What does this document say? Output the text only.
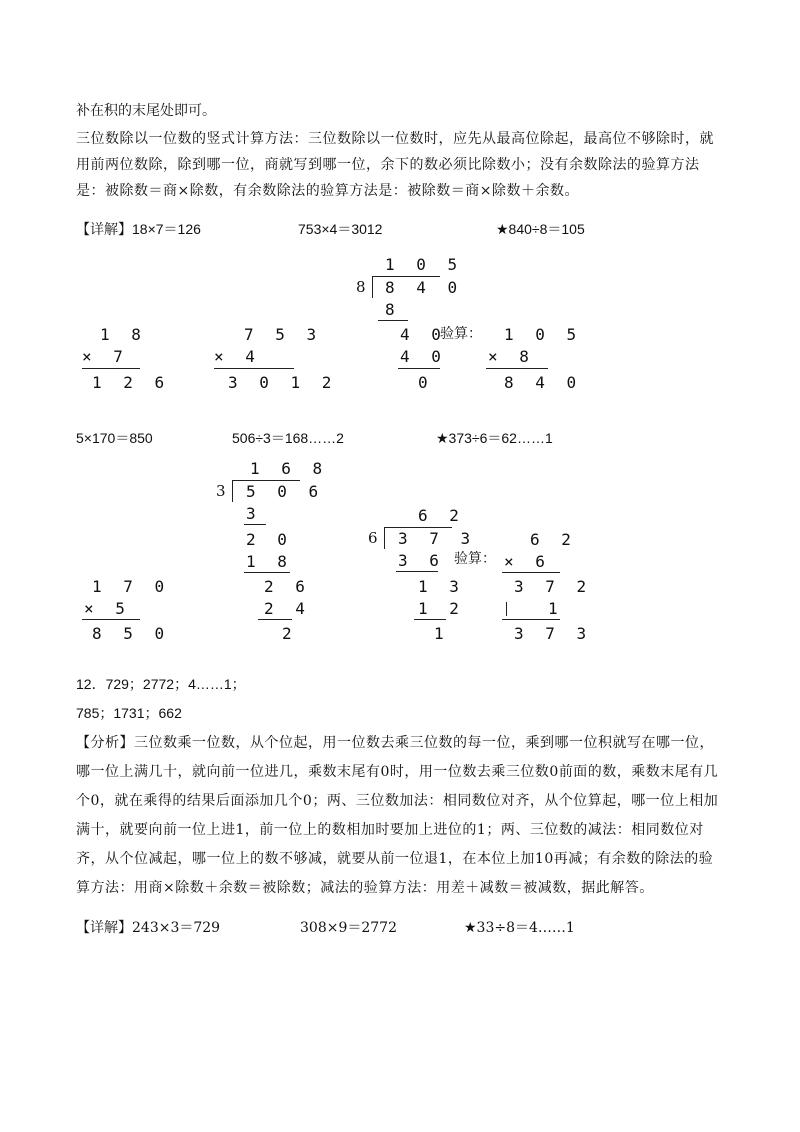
补在积的末尾处即可。
三位数除以一位数的竖式计算方法：三位数除以一位数时，应先从最高位除起，最高位不够除时，就用前两位数除，除到哪一位，商就写到哪一位，余下的数必须比除数小；没有余数除法的验算方法是：被除数＝商×除数，有余数除法的验算方法是：被除数＝商×除数＋余数。
【详解】18×7＝126	753×4＝3012	★840÷8＝105
1 0 5
8 8 4 0
8
4 0
4 0
0
1 8
× 7
1 2 6
7 5 3
× 4
3 0 1 2
验算： 1 0 5
× 8
8 4 0
5×170＝850	506÷3＝168……2	★373÷6＝62……1
1 6 8
3 5 0 6
3
2 0
1 8
2 6
2 4
2
6 2
6 3 7 3
3 6
1 3
1 2
1
验算：
6 2
× 6
3 7 2
1
3 7 3
1 7 0
× 5
8 5 0
12．729；2772；4……1；
785；1731；662
【分析】三位数乘一位数，从个位起，用一位数去乘三位数的每一位，乘到哪一位积就写在哪一位，哪一位上满几十，就向前一位进几，乘数末尾有0时，用一位数去乘三位数0前面的数，乘数末尾有几个0，就在乘得的结果后面添加几个0；两、三位数加法：相同数位对齐，从个位算起，哪一位上相加满十，就要向前一位上进1，前一位上的数相加时要加上进位的1；两、三位数的减法：相同数位对齐，从个位减起，哪一位上的数不够减，就要从前一位退1，在本位上加10再减；有余数的除法的验算方法：用商×除数＋余数＝被除数；减法的验算方法：用差＋减数＝被减数，据此解答。
【详解】243×3＝729	308×9＝2772	★33÷8＝4……1
